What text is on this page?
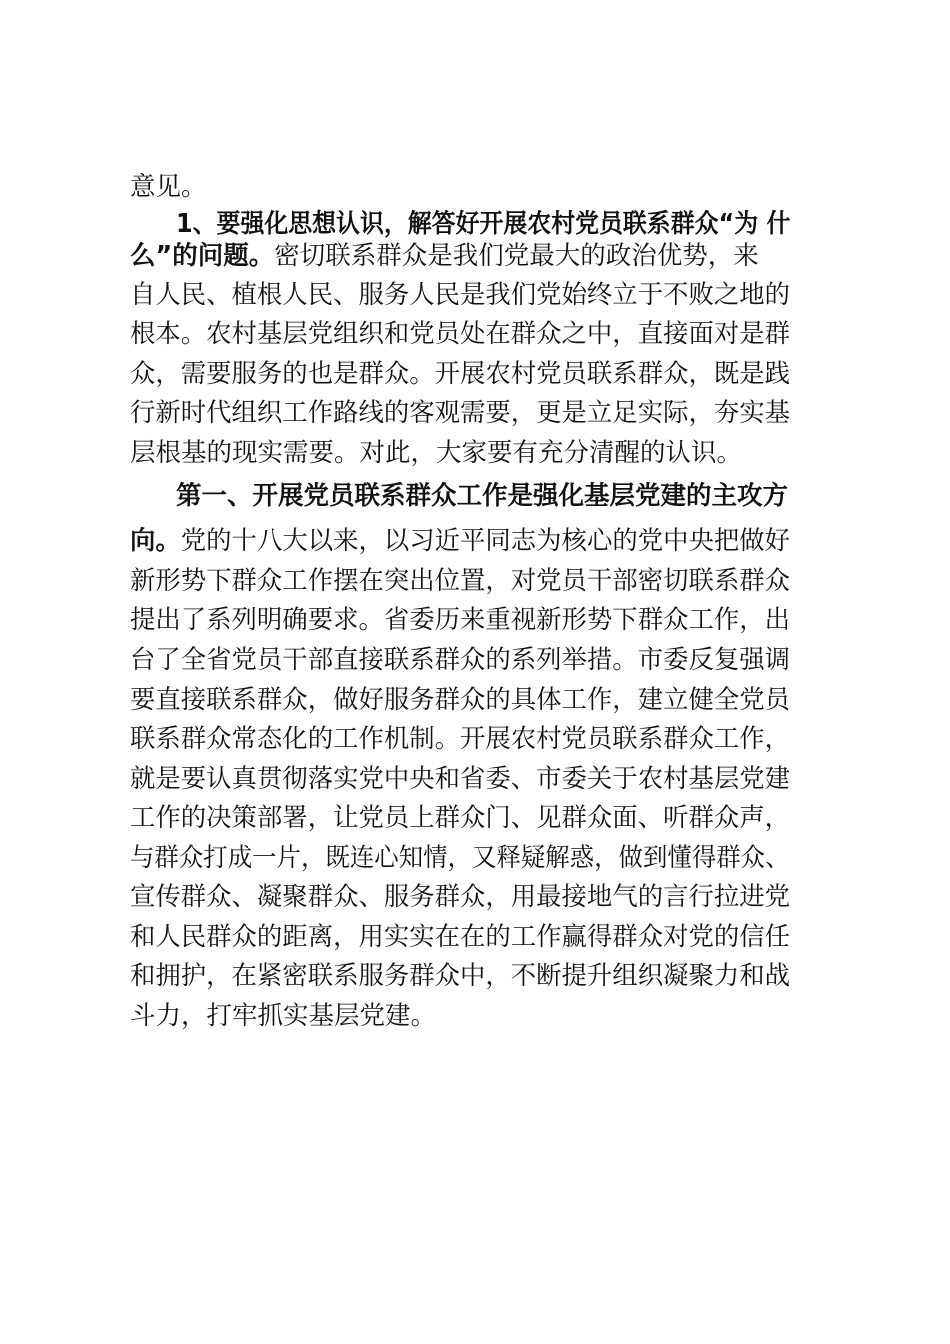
意见。
1、要强化思想认识，解答好开展农村党员联系群众“为 什
么”的问题。密切联系群众是我们党最大的政治优势，来
自人民、植根人民、服务人民是我们党始终立于不败之地的
根本。农村基层党组织和党员处在群众之中，直接面对是群
众，需要服务的也是群众。开展农村党员联系群众，既是践
行新时代组织工作路线的客观需要，更是立足实际，夯实基
层根基的现实需要。对此，大家要有充分清醒的认识。
第一、开展党员联系群众工作是强化基层党建的主攻方
向。党的十八大以来，以习近平同志为核心的党中央把做好
新形势下群众工作摆在突出位置，对党员干部密切联系群众
提出了系列明确要求。省委历来重视新形势下群众工作，出
台了全省党员干部直接联系群众的系列举措。市委反复强调
要直接联系群众，做好服务群众的具体工作，建立健全党员
联系群众常态化的工作机制。开展农村党员联系群众工作，
就是要认真贯彻落实党中央和省委、市委关于农村基层党建
工作的决策部署，让党员上群众门、见群众面、听群众声，
与群众打成一片，既连心知情，又释疑解惑，做到懂得群众、
宣传群众、凝聚群众、服务群众，用最接地气的言行拉进党
和人民群众的距离，用实实在在的工作赢得群众对党的信任
和拥护，在紧密联系服务群众中，不断提升组织凝聚力和战
斗力，打牢抓实基层党建。
